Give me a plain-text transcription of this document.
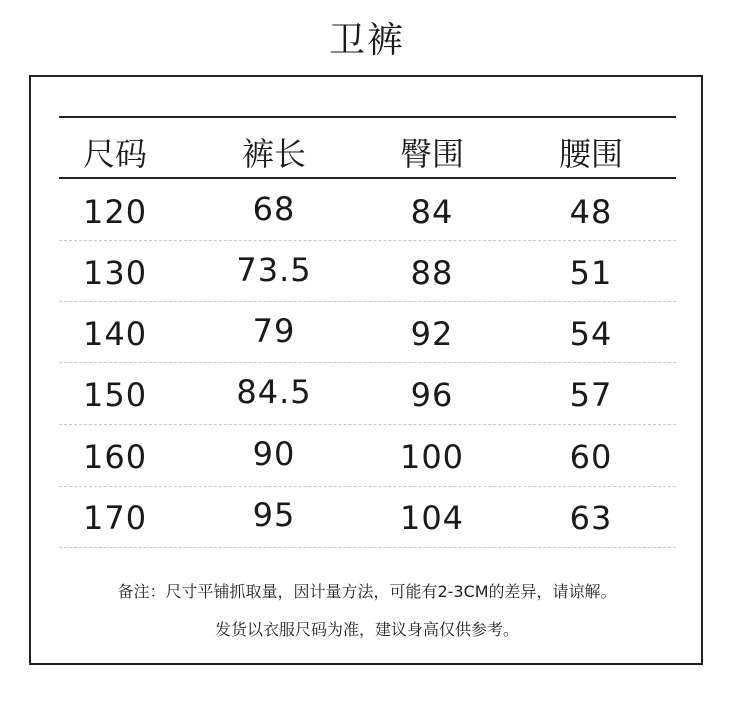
卫裤
尺码	裤长	臀围	腰围
120	68	84	48
130	73.5	88	51
140	79	92	54
150	84.5	96	57
160	90	100	60
170	95	104	63
备注：尺寸平铺抓取量，因计量方法，可能有2-3CM的差异，请谅解。
发货以衣服尺码为准，建议身高仅供参考。
